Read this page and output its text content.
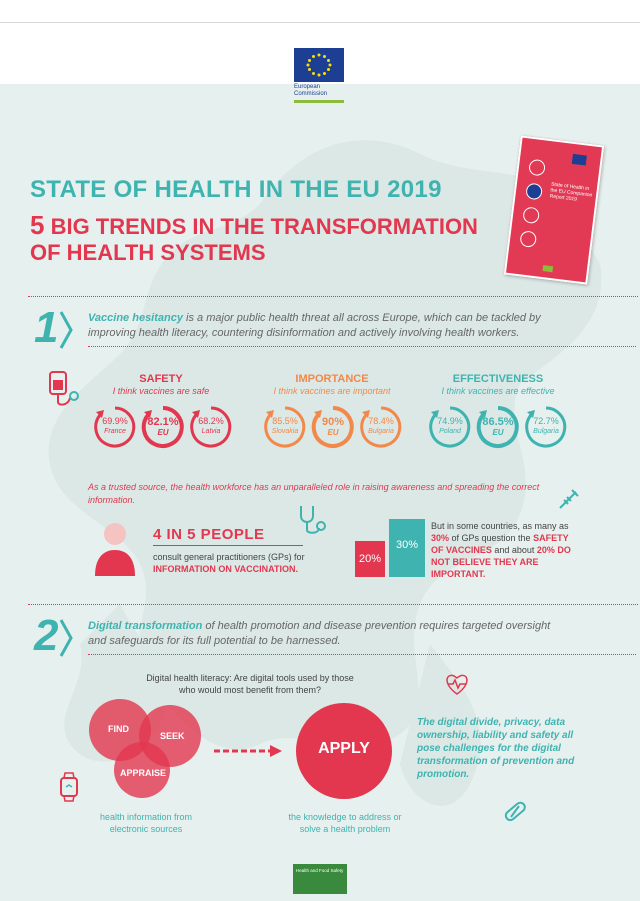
European Commission
STATE OF HEALTH IN THE EU 2019
5 BIG TRENDS IN THE TRANSFORMATION
OF HEALTH SYSTEMS
State of Health in the EU Companion Report 2019
1	Vaccine hesitancy is a major public health threat all across Europe, which can be tackled by improving health literacy, countering disinformation and actively involving health workers.
SAFETY
I think vaccines are safe
IMPORTANCE
I think vaccines are important
EFFECTIVENESS
I think vaccines are effective
69.9%
France
82.1%
EU
68.2%
Latvia
85.5%
Slovakia
90%
EU
78.4%
Bulgaria
74.9%
Poland
86.5%
EU
72.7%
Bulgaria
As a trusted source, the health workforce has an unparalleled role in raising awareness and spreading the correct information.
4 IN 5 PEOPLE
consult general practitioners (GPs) for INFORMATION ON VACCINATION.
20%
30%
But in some countries, as many as 30% of GPs question the SAFETY OF VACCINES and about 20% DO NOT BELIEVE THEY ARE IMPORTANT.
2	Digital transformation of health promotion and disease prevention requires targeted oversight and safeguards for its full potential to be harnessed.
Digital health literacy: Are digital tools used by those who would most benefit from them?
FIND
SEEK
APPRAISE
APPLY
The digital divide, privacy, data ownership, liability and safety all pose challenges for the digital transformation of prevention and promotion.
health information from electronic sources
the knowledge to address or solve a health problem
Health and Food Safety
